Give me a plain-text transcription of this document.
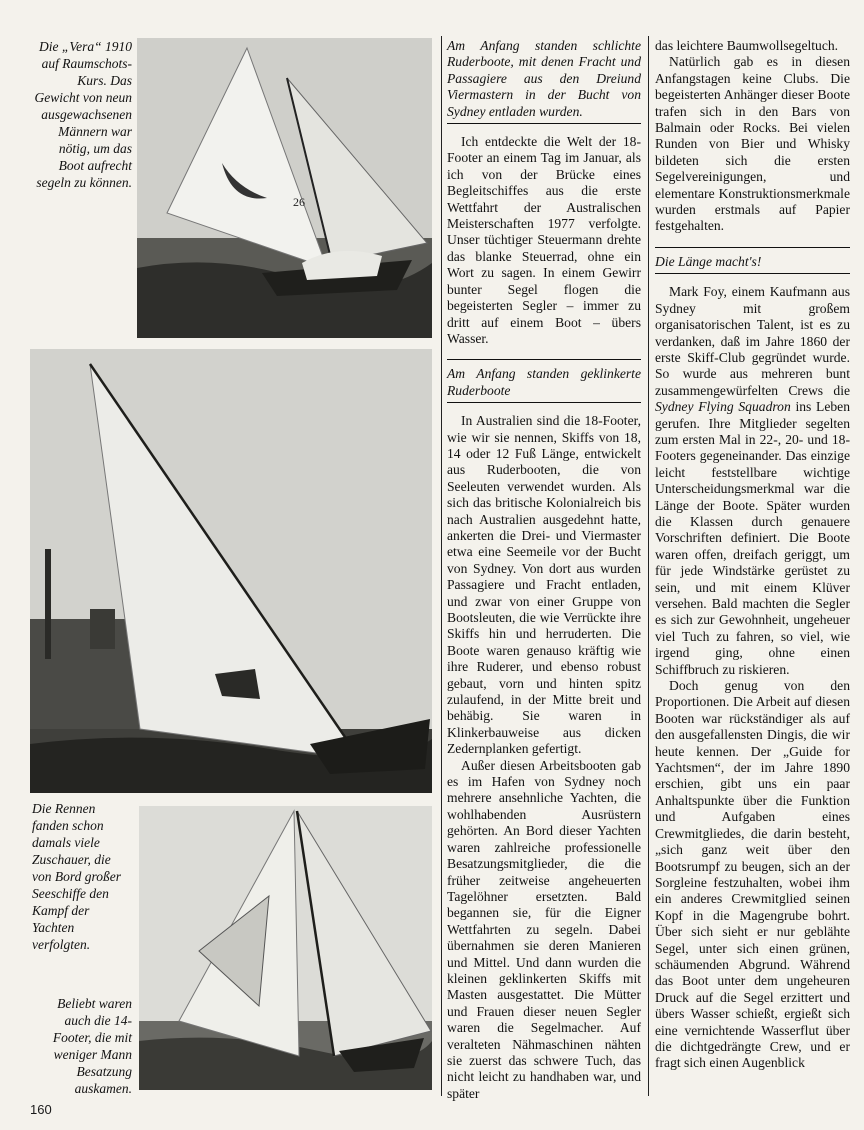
26

Die „Vera“ 1910 auf Raumschots-Kurs. Das Gewicht von neun ausgewachsenen Männern war nötig, um das Boot aufrecht segeln zu können.

Die Rennen fanden schon damals viele Zuschauer, die von Bord großer Seeschiffe den Kampf der Yachten verfolgten.

Beliebt waren auch die 14-Footer, die mit weniger Mann Besatzung auskamen.

Am Anfang standen schlichte Ruderboote, mit denen Fracht und Passagiere aus den Dreiund Viermastern in der Bucht von Sydney entladen wurden.

Ich entdeckte die Welt der 18-Footer an einem Tag im Januar, als ich von der Brücke eines Begleitschiffes aus die erste Wettfahrt der Australischen Meisterschaften 1977 verfolgte. Unser tüchtiger Steuermann drehte das blanke Steuerrad, ohne ein Wort zu sagen. In einem Gewirr bunter Segel flogen die begeisterten Segler – immer zu dritt auf einem Boot – übers Wasser.

Am Anfang standen geklinkerte Ruderboote

In Australien sind die 18-Footer, wie wir sie nennen, Skiffs von 18, 14 oder 12 Fuß Länge, entwickelt aus Ruderbooten, die von Seeleuten verwendet wurden. Als sich das britische Kolonialreich bis nach Australien ausgedehnt hatte, ankerten die Drei- und Viermaster etwa eine Seemeile vor der Bucht von Sydney. Von dort aus wurden Passagiere und Fracht entladen, und zwar von einer Gruppe von Bootsleuten, die wie Verrückte ihre Skiffs hin und herruderten. Die Boote waren genauso kräftig wie ihre Ruderer, und ebenso robust gebaut, vorn und hinten spitz zulaufend, in der Mitte breit und behäbig. Sie waren in Klinkerbauweise aus dicken Zedernplanken gefertigt.

Außer diesen Arbeitsbooten gab es im Hafen von Sydney noch mehrere ansehnliche Yachten, die wohlhabenden Ausrüstern gehörten. An Bord dieser Yachten waren zahlreiche professionelle Besatzungsmitglieder, die die früher zeitweise angeheuerten Tagelöhner ersetzten. Bald begannen sie, für die Eigner Wettfahrten zu segeln. Dabei übernahmen sie deren Manieren und Mittel. Und dann wurden die kleinen geklinkerten Skiffs mit Masten ausgestattet. Die Mütter und Frauen dieser neuen Segler waren die Segelmacher. Auf veralteten Nähmaschinen nähten sie zuerst das schwere Tuch, das nicht leicht zu handhaben war, und später

das leichtere Baumwollsegeltuch.

Natürlich gab es in diesen Anfangstagen keine Clubs. Die begeisterten Anhänger dieser Boote trafen sich in den Bars von Balmain oder Rocks. Bei vielen Runden von Bier und Whisky bildeten sich die ersten Segelvereinigungen, und elementare Konstruktionsmerkmale wurden erstmals auf Papier festgehalten.

Die Länge macht's!

Mark Foy, einem Kaufmann aus Sydney mit großem organisatorischen Talent, ist es zu verdanken, daß im Jahre 1860 der erste Skiff-Club gegründet wurde. So wurde aus mehreren bunt zusammengewürfelten Crews die Sydney Flying Squadron ins Leben gerufen. Ihre Mitglieder segelten zum ersten Mal in 22-, 20- und 18-Footers gegeneinander. Das einzige leicht feststellbare wichtige Unterscheidungsmerkmal war die Länge der Boote. Später wurden die Klassen durch genauere Vorschriften definiert. Die Boote waren offen, dreifach geriggt, um für jede Windstärke gerüstet zu sein, und mit einem Klüver versehen. Bald machten die Segler es sich zur Gewohnheit, ungeheuer viel Tuch zu fahren, so viel, wie irgend ging, ohne einen Schiffbruch zu riskieren.

Doch genug von den Proportionen. Die Arbeit auf diesen Booten war rückständiger als auf den ausgefallensten Dingis, die wir heute kennen. Der „Guide for Yachtsmen“, der im Jahre 1890 erschien, gibt uns ein paar Anhaltspunkte über die Funktion und Aufgaben eines Crewmitgliedes, die darin besteht, „sich ganz weit über den Bootsrumpf zu beugen, sich an der Sorgleine festzuhalten, wobei ihm ein anderes Crewmitglied seinen Kopf in die Magengrube bohrt. Über sich sieht er nur geblähte Segel, unter sich einen grünen, schäumenden Abgrund. Während das Boot unter dem ungeheuren Druck auf die Segel erzittert und übers Wasser schießt, ergießt sich eine vernichtende Wasserflut über die dichtgedrängte Crew, und er fragt sich einen Augenblick

160
